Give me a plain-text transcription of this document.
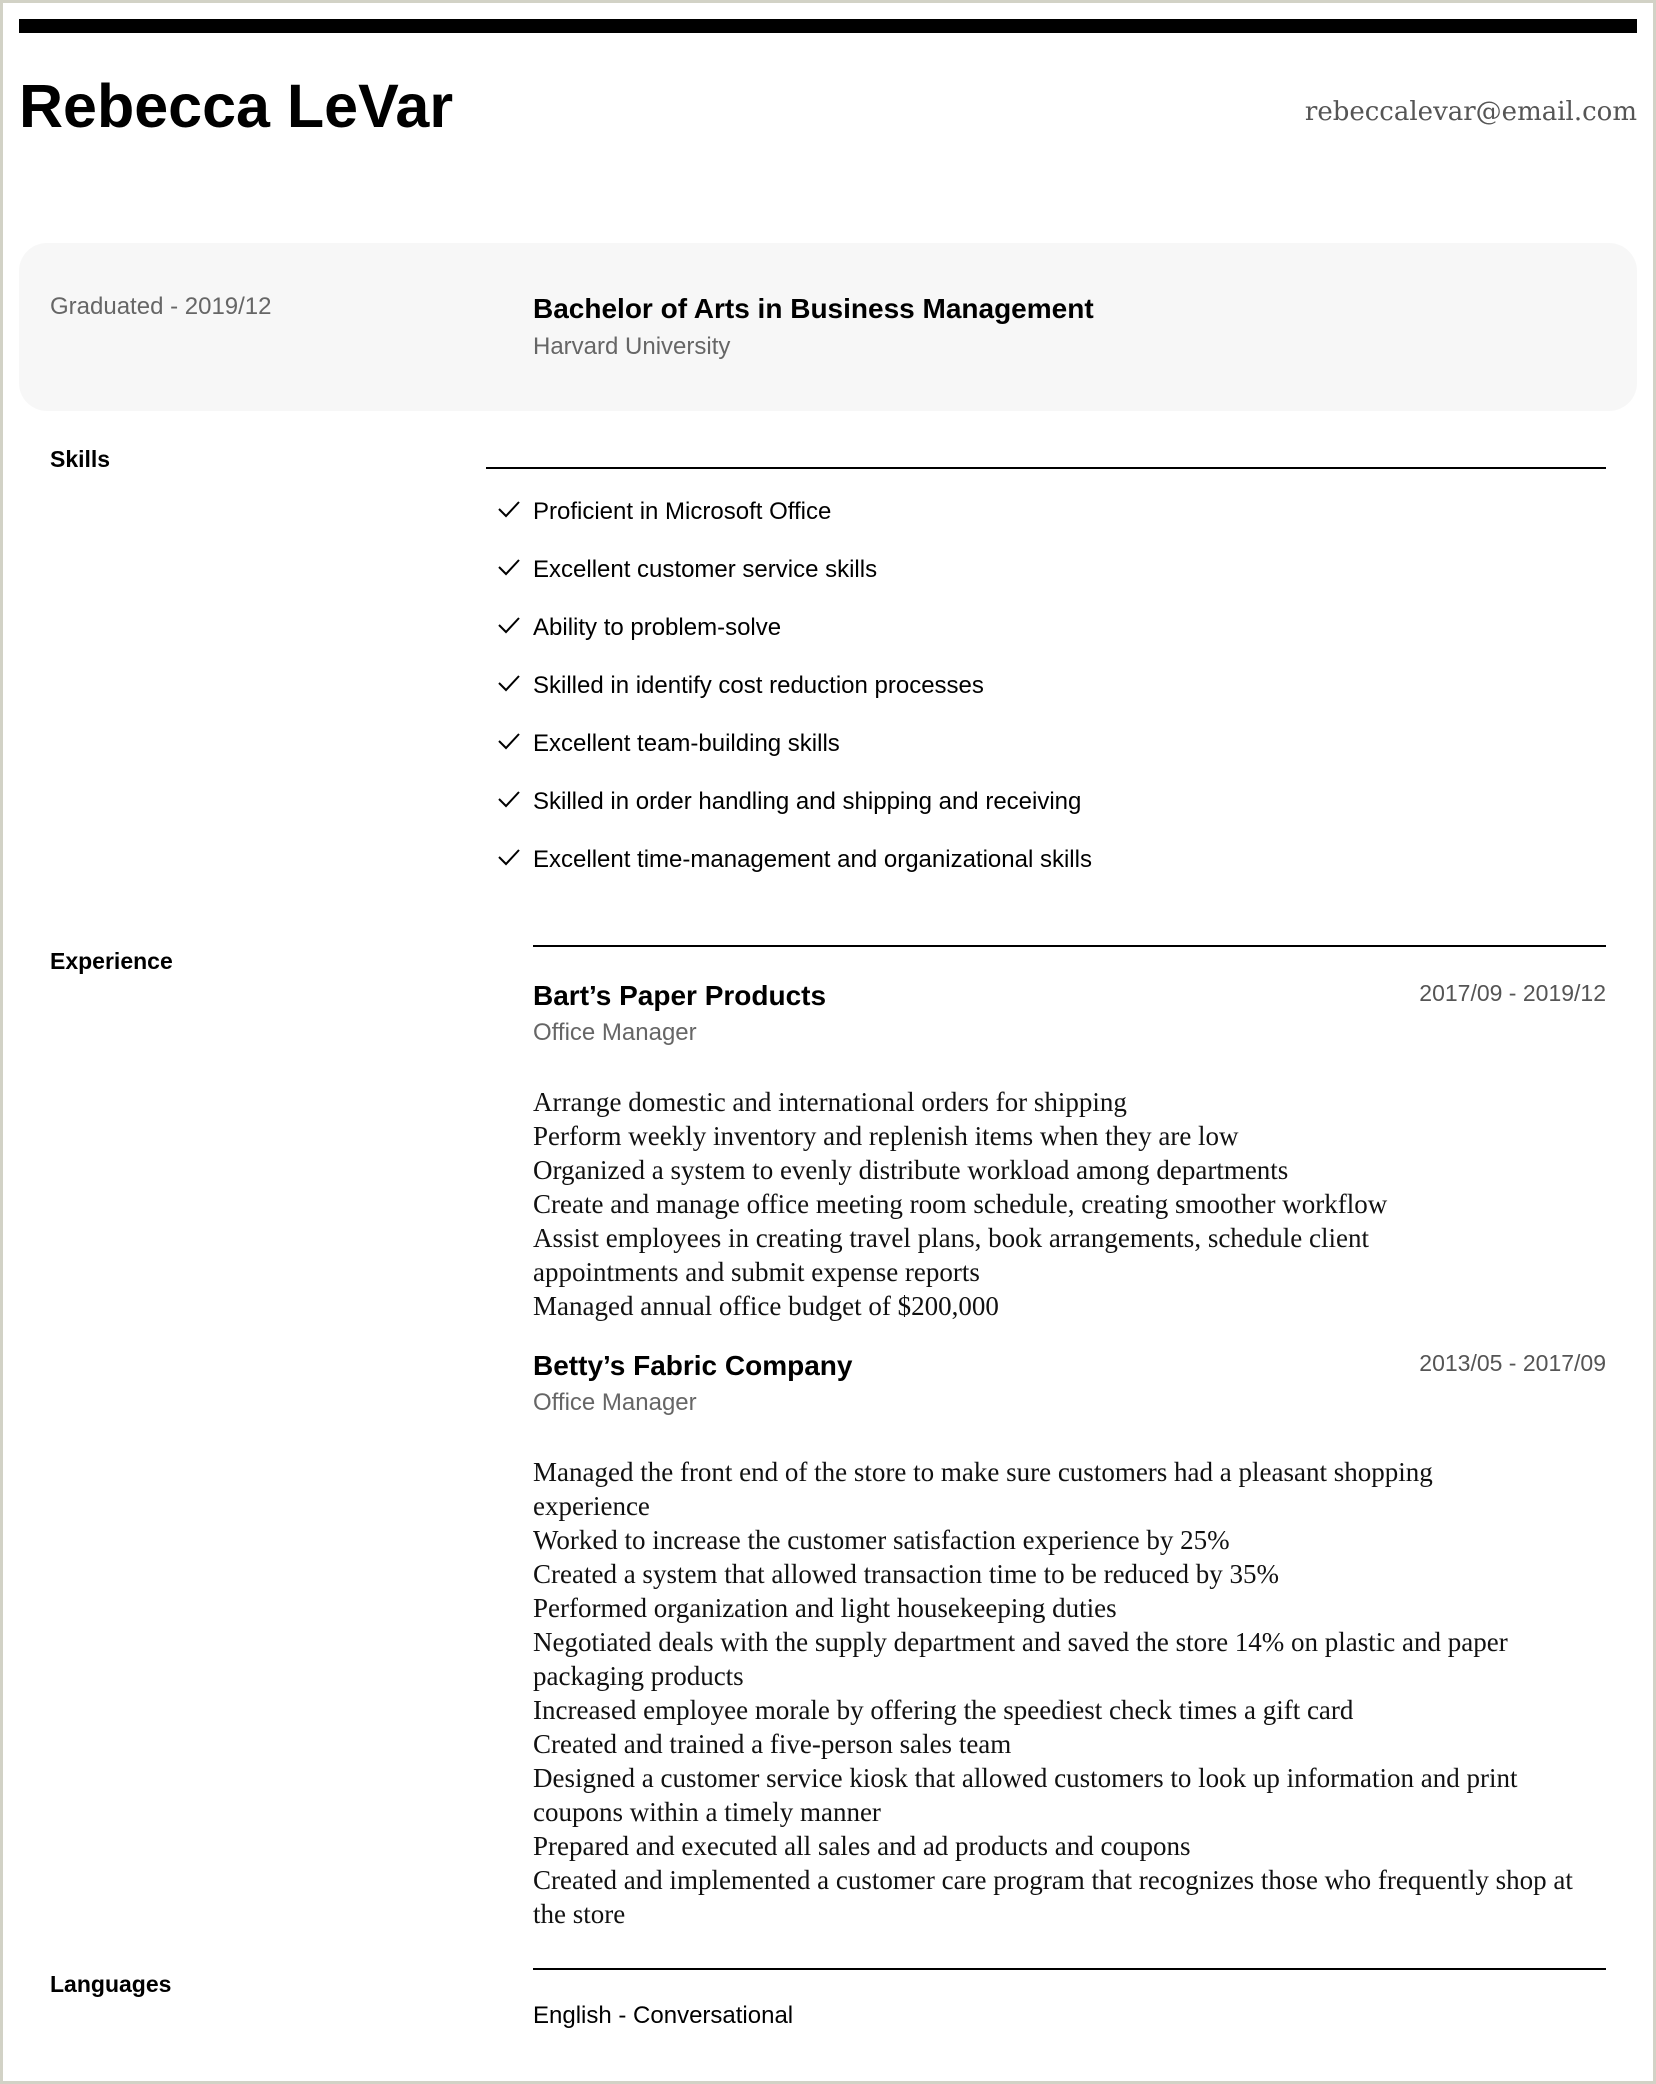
Rebecca LeVar	rebeccalevar@email.com
Graduated - 2019/12	Bachelor of Arts in Business Management
Harvard University
Skills
Proficient in Microsoft Office
Excellent customer service skills
Ability to problem-solve
Skilled in identify cost reduction processes
Excellent team-building skills
Skilled in order handling and shipping and receiving
Excellent time-management and organizational skills
Experience
Bart’s Paper Products	2017/09 - 2019/12
Office Manager
Arrange domestic and international orders for shipping
Perform weekly inventory and replenish items when they are low
Organized a system to evenly distribute workload among departments
Create and manage office meeting room schedule, creating smoother workflow
Assist employees in creating travel plans, book arrangements, schedule client appointments and submit expense reports
Managed annual office budget of $200,000
Betty’s Fabric Company	2013/05 - 2017/09
Office Manager
Managed the front end of the store to make sure customers had a pleasant shopping experience
Worked to increase the customer satisfaction experience by 25%
Created a system that allowed transaction time to be reduced by 35%
Performed organization and light housekeeping duties
Negotiated deals with the supply department and saved the store 14% on plastic and paper packaging products
Increased employee morale by offering the speediest check times a gift card
Created and trained a five-person sales team
Designed a customer service kiosk that allowed customers to look up information and print coupons within a timely manner
Prepared and executed all sales and ad products and coupons
Created and implemented a customer care program that recognizes those who frequently shop at the store
Languages
English - Conversational
